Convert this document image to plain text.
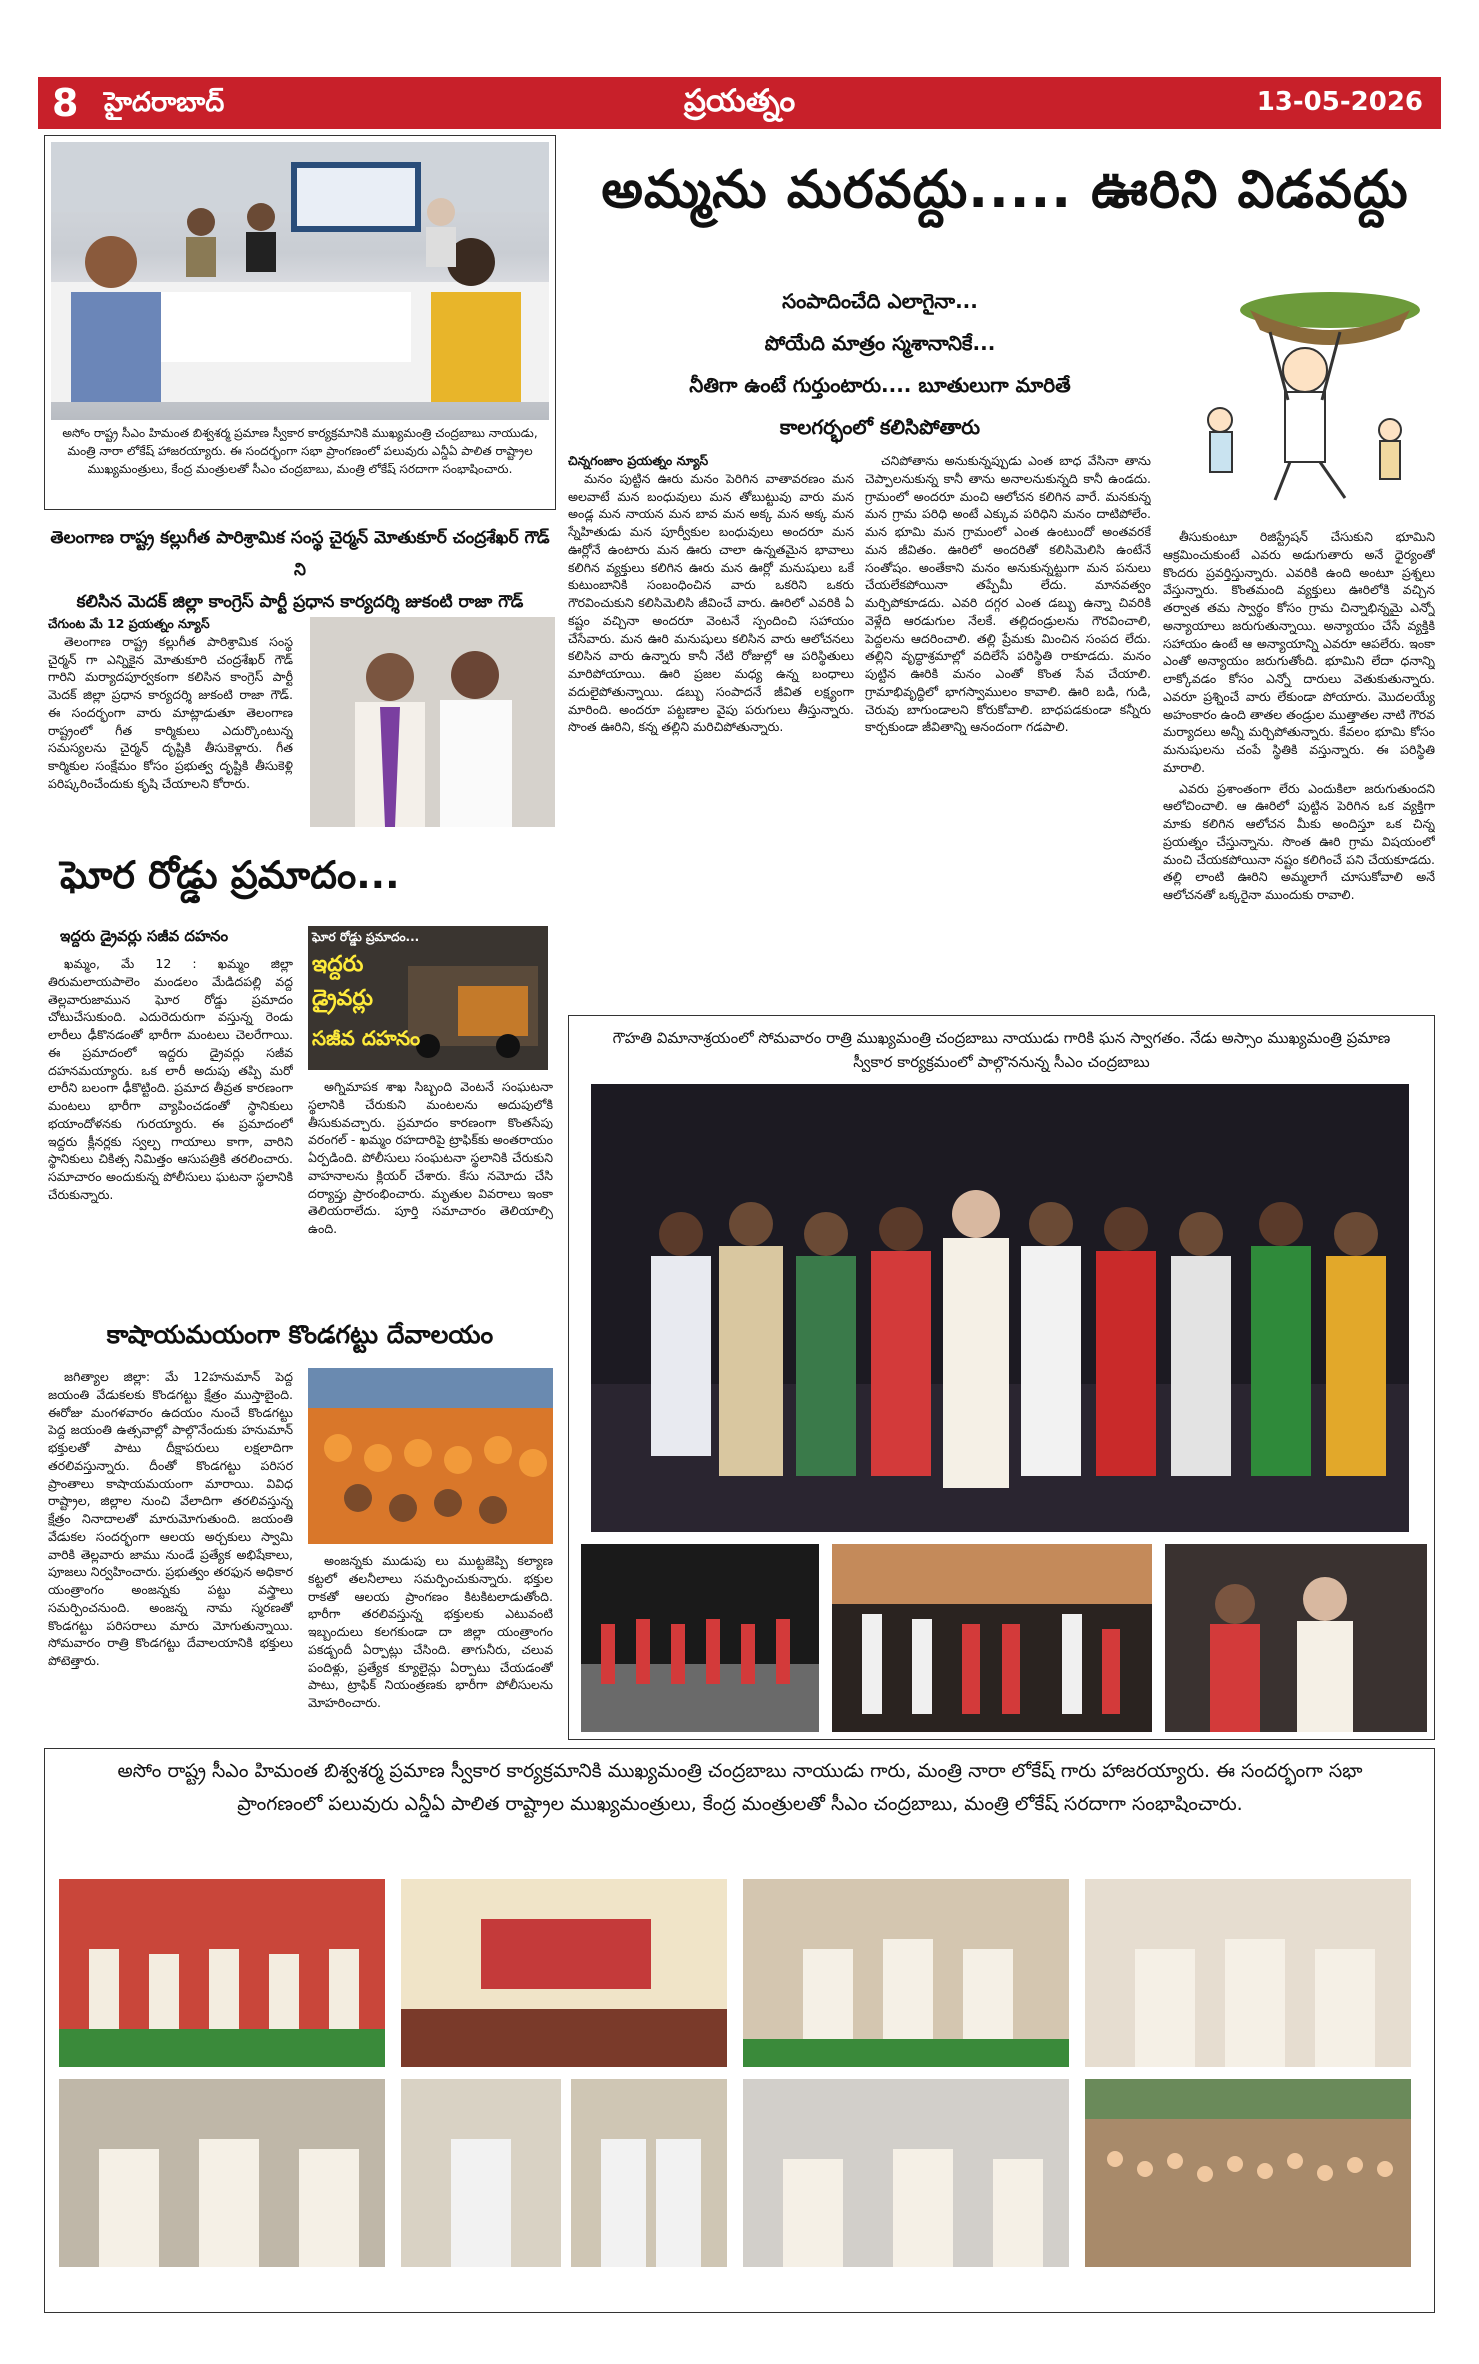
8 హైదరాబాద్	ప్రయత్నం	13-05-2026
అసోం రాష్ట్ర సీఎం హిమంత బిశ్వశర్మ ప్రమాణ స్వీకార కార్యక్రమానికి ముఖ్యమంత్రి చంద్రబాబు నాయుడు, మంత్రి నారా లోకేష్ హాజరయ్యారు. ఈ సందర్భంగా సభా ప్రాంగణంలో పలువురు ఎన్డీఏ పాలిత రాష్ట్రాల ముఖ్యమంత్రులు, కేంద్ర మంత్రులతో సీఎం చంద్రబాబు, మంత్రి లోకేష్ సరదాగా సంభాషించారు.
అమ్మను మరవద్దు..... ఊరిని విడవద్దు
సంపాదించేది ఎలాగైనా...
పోయేది మాత్రం స్మశానానికే...
నీతిగా ఉంటే గుర్తుంటారు.... బూతులుగా మారితే
కాలగర్భంలో కలిసిపోతారు
చిన్నగంజాం ప్రయత్నం న్యూస్

మనం పుట్టిన ఊరు మనం పెరిగిన వాతావరణం మన అలవాటే మన బంధువులు మన తోబుట్టువు వారు మన అండ్ల మన నాయన మన బావ మన అక్క మన అక్క మన స్నేహితుడు మన పూర్వీకుల బంధువులు అందరూ మన ఊర్లోనే ఉంటారు మన ఊరు చాలా ఉన్నతమైన భావాలు కలిగిన వ్యక్తులు కలిగిన ఊరు మన ఊర్లో మనుషులు ఒకే కుటుంబానికి సంబంధించిన వారు ఒకరిని ఒకరు గౌరవించుకుని కలిసిమెలిసి జీవించే వారు. ఊరిలో ఎవరికి ఏ కష్టం వచ్చినా అందరూ వెంటనే స్పందించి సహాయం చేసేవారు. మన ఊరి మనుషులు కలిసిన వారు ఆలోచనలు కలిసిన వారు ఉన్నారు కానీ నేటి రోజుల్లో ఆ పరిస్థితులు మారిపోయాయి. ఊరి ప్రజల మధ్య ఉన్న బంధాలు వదులైపోతున్నాయి. డబ్బు సంపాదనే జీవిత లక్ష్యంగా మారింది. అందరూ పట్టణాల వైపు పరుగులు తీస్తున్నారు. సొంత ఊరిని, కన్న తల్లిని మరిచిపోతున్నారు.

చనిపోతాను అనుకున్నప్పుడు ఎంత బాధ వేసినా తాను చెప్పాలనుకున్న కానీ తాను అనాలనుకున్నది కానీ ఉండదు. గ్రామంలో అందరూ మంచి ఆలోచన కలిగిన వారే. మనకున్న మన గ్రామ పరిధి అంటే ఎక్కువ పరిధిని మనం దాటిపోలేం. మన భూమి మన గ్రామంలో ఎంత ఉంటుందో అంతవరకే మన జీవితం. ఊరిలో అందరితో కలిసిమెలిసి ఉంటేనే సంతోషం. అంతేకాని మనం అనుకున్నట్టుగా మన పనులు చేయలేకపోయినా తప్పేమీ లేదు. మానవత్వం మర్చిపోకూడదు. ఎవరి దగ్గర ఎంత డబ్బు ఉన్నా చివరికి వెళ్లేది ఆరడుగుల నేలకే. తల్లిదండ్రులను గౌరవించాలి, పెద్దలను ఆదరించాలి. తల్లి ప్రేమకు మించిన సంపద లేదు. తల్లిని వృద్ధాశ్రమాల్లో వదిలేసే పరిస్థితి రాకూడదు. మనం పుట్టిన ఊరికి మనం ఎంతో కొంత సేవ చేయాలి. గ్రామాభివృద్ధిలో భాగస్వాములం కావాలి. ఊరి బడి, గుడి, చెరువు బాగుండాలని కోరుకోవాలి. బాధపడకుండా కన్నీరు కార్చకుండా జీవితాన్ని ఆనందంగా గడపాలి.

తీసుకుంటూ రిజిస్ట్రేషన్ చేసుకుని భూమిని ఆక్రమించుకుంటే ఎవరు అడుగుతారు అనే ధైర్యంతో కొందరు ప్రవర్తిస్తున్నారు. ఎవరికి ఉంది అంటూ ప్రశ్నలు వేస్తున్నారు. కొంతమంది వ్యక్తులు ఊరిలోకి వచ్చిన తర్వాత తమ స్వార్థం కోసం గ్రామ చిన్నాభిన్నమై ఎన్నో అన్యాయాలు జరుగుతున్నాయి. అన్యాయం చేసే వ్యక్తికి సహాయం ఉంటే ఆ అన్యాయాన్ని ఎవరూ ఆపలేరు. ఇంకా ఎంతో అన్యాయం జరుగుతోంది. భూమిని లేదా ధనాన్ని లాక్కోవడం కోసం ఎన్నో దారులు వెతుకుతున్నారు. ఎవరూ ప్రశ్నించే వారు లేకుండా పోయారు. మొదలయ్యే అహంకారం ఉంది తాతల తండ్రుల ముత్తాతల నాటి గౌరవ మర్యాదలు అన్నీ మర్చిపోతున్నారు. కేవలం భూమి కోసం మనుషులను చంపే స్థితికి వస్తున్నారు. ఈ పరిస్థితి మారాలి.

ఎవరు ప్రశాంతంగా లేరు ఎందుకిలా జరుగుతుందని ఆలోచించాలి. ఆ ఊరిలో పుట్టిన పెరిగిన ఒక వ్యక్తిగా మాకు కలిగిన ఆలోచన మీకు అందిస్తూ ఒక చిన్న ప్రయత్నం చేస్తున్నాను. సొంత ఊరి గ్రామ విషయంలో మంచి చేయకపోయినా నష్టం కలిగించే పని చేయకూడదు. తల్లి లాంటి ఊరిని అమ్మలాగే చూసుకోవాలి అనే ఆలోచనతో ఒక్కరైనా ముందుకు రావాలి.

తెలంగాణ రాష్ట్ర కల్లుగీత పారిశ్రామిక సంస్థ చైర్మన్ మోతుకూర్ చంద్రశేఖర్ గౌడ్ ని
కలిసిన మెదక్ జిల్లా కాంగ్రెస్ పార్టీ ప్రధాన కార్యదర్శి జుకంటి రాజా గౌడ్
చేగుంట మే 12 ప్రయత్నం న్యూస్

తెలంగాణ రాష్ట్ర కల్లుగీత పారిశ్రామిక సంస్థ చైర్మన్ గా ఎన్నికైన మోతుకూరి చంద్రశేఖర్ గౌడ్ గారిని మర్యాదపూర్వకంగా కలిసిన కాంగ్రెస్ పార్టీ మెదక్ జిల్లా ప్రధాన కార్యదర్శి జుకంటి రాజా గౌడ్. ఈ సందర్భంగా వారు మాట్లాడుతూ తెలంగాణ రాష్ట్రంలో గీత కార్మికులు ఎదుర్కొంటున్న సమస్యలను చైర్మన్ దృష్టికి తీసుకెళ్లారు. గీత కార్మికుల సంక్షేమం కోసం ప్రభుత్వ దృష్టికి తీసుకెళ్లి పరిష్కరించేందుకు కృషి చేయాలని కోరారు.

ఘోర రోడ్డు ప్రమాదం...
ఇద్దరు డ్రైవర్లు సజీవ దహనం

ఖమ్మం, మే 12 : ఖమ్మం జిల్లా తిరుమలాయపాలెం మండలం మేడిదపల్లి వద్ద తెల్లవారుజామున ఘోర రోడ్డు ప్రమాదం చోటుచేసుకుంది. ఎదురెదురుగా వస్తున్న రెండు లారీలు ఢీకొనడంతో భారీగా మంటలు చెలరేగాయి. ఈ ప్రమాదంలో ఇద్దరు డ్రైవర్లు సజీవ దహనమయ్యారు. ఒక లారీ అదుపు తప్పి మరో లారీని బలంగా ఢీకొట్టింది. ప్రమాద తీవ్రత కారణంగా మంటలు భారీగా వ్యాపించడంతో స్థానికులు భయాందోళనకు గురయ్యారు. ఈ ప్రమాదంలో ఇద్దరు క్లీనర్లకు స్వల్ప గాయాలు కాగా, వారిని స్థానికులు చికిత్స నిమిత్తం ఆసుపత్రికి తరలించారు. సమాచారం అందుకున్న పోలీసులు ఘటనా స్థలానికి చేరుకున్నారు.

ఘోర రోడ్డు ప్రమాదం...
ఇద్దరు
డ్రైవర్లు
సజీవ దహనం

అగ్నిమాపక శాఖ సిబ్బంది వెంటనే సంఘటనా స్థలానికి చేరుకుని మంటలను అదుపులోకి తీసుకువచ్చారు. ప్రమాదం కారణంగా కొంతసేపు వరంగల్ - ఖమ్మం రహదారిపై ట్రాఫిక్‌కు అంతరాయం ఏర్పడింది. పోలీసులు సంఘటనా స్థలానికి చేరుకుని వాహనాలను క్లియర్ చేశారు. కేసు నమోదు చేసి దర్యాప్తు ప్రారంభించారు. మృతుల వివరాలు ఇంకా తెలియరాలేదు. పూర్తి సమాచారం తెలియాల్సి ఉంది.

కాషాయమయంగా కొండగట్టు దేవాలయం

జగిత్యాల జిల్లా: మే 12హనుమాన్ పెద్ద జయంతి వేడుకలకు కొండగట్టు క్షేత్రం ముస్తాబైంది. ఈరోజు మంగళవారం ఉదయం నుంచే కొండగట్టు పెద్ద జయంతి ఉత్సవాల్లో పాల్గొనేందుకు హనుమాన్ భక్తులతో పాటు దీక్షాపరులు లక్షలాదిగా తరలివస్తున్నారు. దీంతో కొండగట్టు పరిసర ప్రాంతాలు కాషాయమయంగా మారాయి. వివిధ రాష్ట్రాల, జిల్లాల నుంచి వేలాదిగా తరలివస్తున్న క్షేత్రం నినాదాలతో మారుమోగుతుంది. జయంతి వేడుకల సందర్భంగా ఆలయ అర్చకులు స్వామి వారికి తెల్లవారు జాము నుండే ప్రత్యేక అభిషేకాలు, పూజలు నిర్వహించారు. ప్రభుత్వం తరఫున అధికార యంత్రాంగం అంజన్నకు పట్టు వస్త్రాలు సమర్పించనుంది. అంజన్న నామ స్మరణతో కొండగట్టు పరిసరాలు మారు మోగుతున్నాయి. సోమవారం రాత్రి కొండగట్టు దేవాలయానికి భక్తులు పోటెత్తారు.

అంజన్నకు ముడుపు లు ముట్టజెప్పి కల్యాణ కట్టలో తలనీలాలు సమర్పించుకున్నారు. భక్తుల రాకతో ఆలయ ప్రాంగణం కిటకిటలాడుతోంది. భారీగా తరలివస్తున్న భక్తులకు ఎటువంటి ఇబ్బందులు కలగకుండా దా జిల్లా యంత్రాంగం పకడ్బందీ ఏర్పాట్లు చేసింది. తాగునీరు, చలువ పందిళ్లు, ప్రత్యేక క్యూలైన్లు ఏర్పాటు చేయడంతో పాటు, ట్రాఫిక్ నియంత్రణకు భారీగా పోలీసులను మోహరించారు.

గౌహతి విమానాశ్రయంలో సోమవారం రాత్రి ముఖ్యమంత్రి చంద్రబాబు నాయుడు గారికి ఘన స్వాగతం. నేడు అస్సాం ముఖ్యమంత్రి ప్రమాణ స్వీకార కార్యక్రమంలో పాల్గొననున్న సీఎం చంద్రబాబు
అసోం రాష్ట్ర సీఎం హిమంత బిశ్వశర్మ ప్రమాణ స్వీకార కార్యక్రమానికి ముఖ్యమంత్రి చంద్రబాబు నాయుడు గారు, మంత్రి నారా లోకేష్ గారు హాజరయ్యారు. ఈ సందర్భంగా సభా ప్రాంగణంలో పలువురు ఎన్డీఏ పాలిత రాష్ట్రాల ముఖ్యమంత్రులు, కేంద్ర మంత్రులతో సీఎం చంద్రబాబు, మంత్రి లోకేష్ సరదాగా సంభాషించారు.
